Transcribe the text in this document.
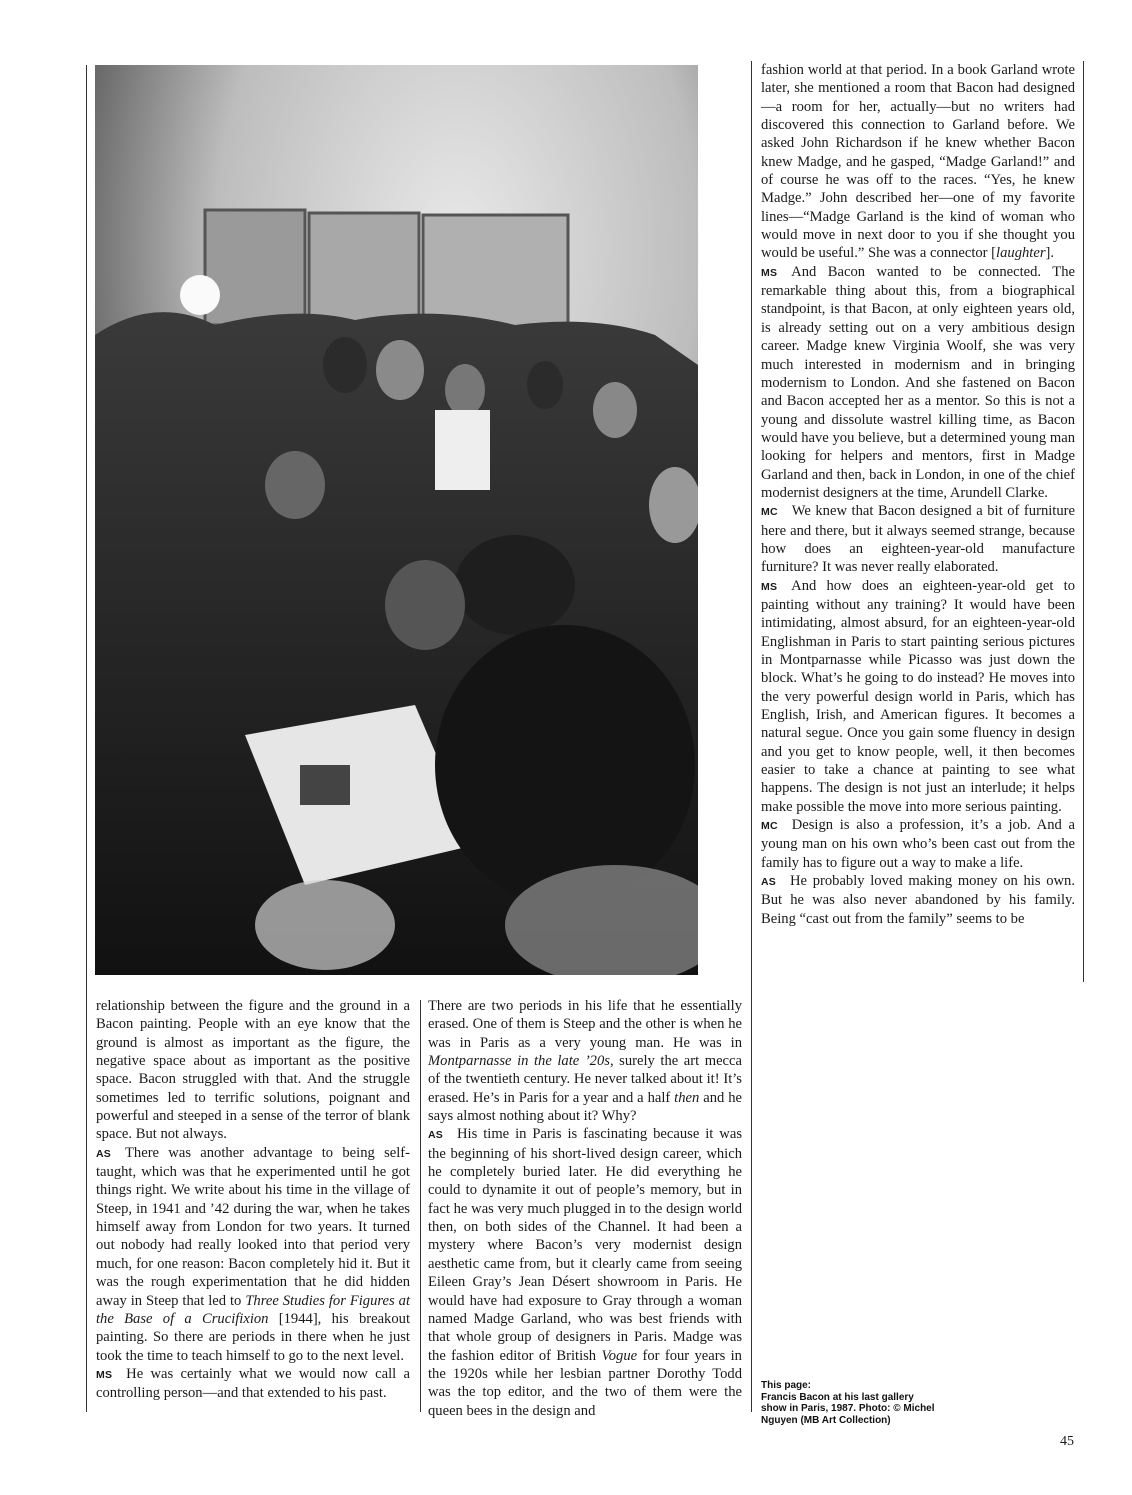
fashion world at that period. In a book Garland wrote later, she mentioned a room that Bacon had designed—a room for her, actually—but no writers had discovered this connection to Garland before. We asked John Richardson if he knew whether Bacon knew Madge, and he gasped, “Madge Garland!” and of course he was off to the races. “Yes, he knew Madge.” John described her—one of my favorite lines—“Madge Garland is the kind of woman who would move in next door to you if she thought you would be useful.” She was a connector [laughter].

MS And Bacon wanted to be connected. The remarkable thing about this, from a biographical standpoint, is that Bacon, at only eighteen years old, is already setting out on a very ambitious design career. Madge knew Virginia Woolf, she was very much interested in modernism and in bringing modernism to London. And she fastened on Bacon and Bacon accepted her as a mentor. So this is not a young and dissolute wastrel killing time, as Bacon would have you believe, but a determined young man looking for helpers and mentors, first in Madge Garland and then, back in London, in one of the chief modernist designers at the time, Arundell Clarke.

MC We knew that Bacon designed a bit of furniture here and there, but it always seemed strange, because how does an eighteen-year-old manufacture furniture? It was never really elaborated.

MS And how does an eighteen-year-old get to painting without any training? It would have been intimidating, almost absurd, for an eighteen-year-old Englishman in Paris to start painting serious pictures in Montparnasse while Picasso was just down the block. What’s he going to do instead? He moves into the very powerful design world in Paris, which has English, Irish, and American figures. It becomes a natural segue. Once you gain some fluency in design and you get to know people, well, it then becomes easier to take a chance at painting to see what happens. The design is not just an interlude; it helps make possible the move into more serious painting.

MC Design is also a profession, it’s a job. And a young man on his own who’s been cast out from the family has to figure out a way to make a life.

AS He probably loved making money on his own. But he was also never abandoned by his family. Being “cast out from the family” seems to be

relationship between the figure and the ground in a Bacon painting. People with an eye know that the ground is almost as important as the figure, the negative space about as important as the positive space. Bacon struggled with that. And the struggle sometimes led to terrific solutions, poignant and powerful and steeped in a sense of the terror of blank space. But not always.

AS There was another advantage to being self-taught, which was that he experimented until he got things right. We write about his time in the village of Steep, in 1941 and ’42 during the war, when he takes himself away from London for two years. It turned out nobody had really looked into that period very much, for one reason: Bacon completely hid it. But it was the rough experimentation that he did hidden away in Steep that led to Three Studies for Figures at the Base of a Crucifixion [1944], his breakout painting. So there are periods in there when he just took the time to teach himself to go to the next level.

MS He was certainly what we would now call a controlling person—and that extended to his past.

There are two periods in his life that he essentially erased. One of them is Steep and the other is when he was in Paris as a very young man. He was in Montparnasse in the late ’20s, surely the art mecca of the twentieth century. He never talked about it! It’s erased. He’s in Paris for a year and a half then and he says almost nothing about it? Why?

AS His time in Paris is fascinating because it was the beginning of his short-lived design career, which he completely buried later. He did everything he could to dynamite it out of people’s memory, but in fact he was very much plugged in to the design world then, on both sides of the Channel. It had been a mystery where Bacon’s very modernist design aesthetic came from, but it clearly came from seeing Eileen Gray’s Jean Désert showroom in Paris. He would have had exposure to Gray through a woman named Madge Garland, who was best friends with that whole group of designers in Paris. Madge was the fashion editor of British Vogue for four years in the 1920s while her lesbian partner Dorothy Todd was the top editor, and the two of them were the queen bees in the design and

This page:
Francis Bacon at his last gallery show in Paris, 1987. Photo: © Michel Nguyen (MB Art Collection)
45
